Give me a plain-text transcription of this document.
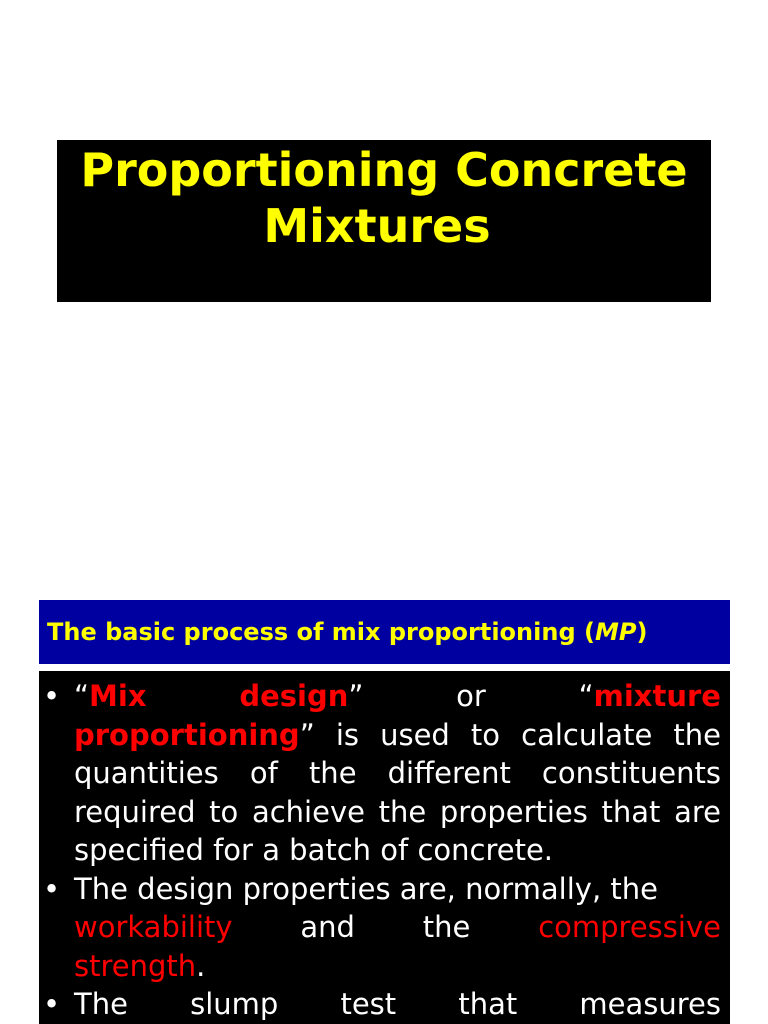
Proportioning Concrete
Mixtures
The basic process of mix proportioning (MP)
• “Mix	design”	or	“mixture
proportioning” is used to calculate the quantities of the different constituents required to achieve the properties that are specified for a batch of concrete.
• The design properties are, normally, the
workability and the compressive
strength.
• The slump test that measures
